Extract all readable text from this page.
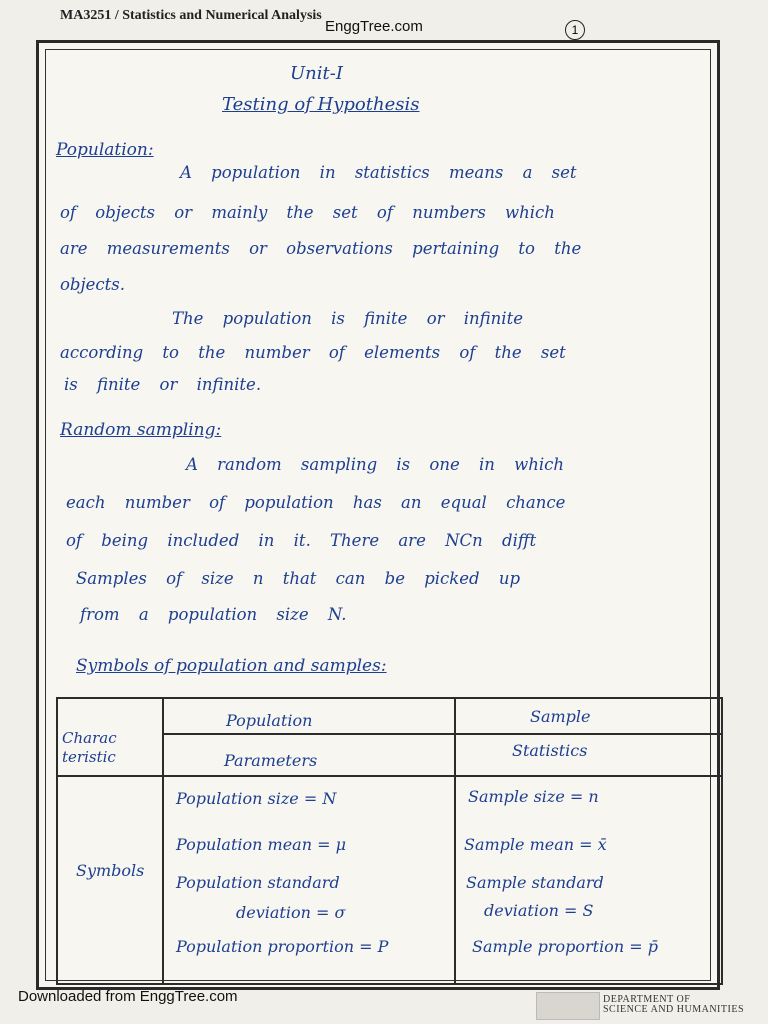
MA3251 / Statistics and Numerical Analysis
EnggTree.com	1
Unit-I
Testing of Hypothesis
Population:
A population in statistics means a set
of objects or mainly the set of numbers which
are measurements or observations pertaining to the
objects.
The population is finite or infinite
according to the number of elements of the set
is finite or infinite.
Random sampling:
A random sampling is one in which
each number of population has an equal chance
of being included in it. There are NCn difft
Samples of size n that can be picked up
from a population size N.
Symbols of population and samples:
Charac teristic
Population
Parameters
Sample
Statistics
Symbols
Population size = N
Population mean = μ
Population standard
deviation = σ
Population proportion = P
Sample size = n
Sample mean = x̄
Sample standard
deviation = S
Sample proportion = p̄
Downloaded from EnggTree.com	DEPARTMENT OF
SCIENCE AND HUMANITIES
